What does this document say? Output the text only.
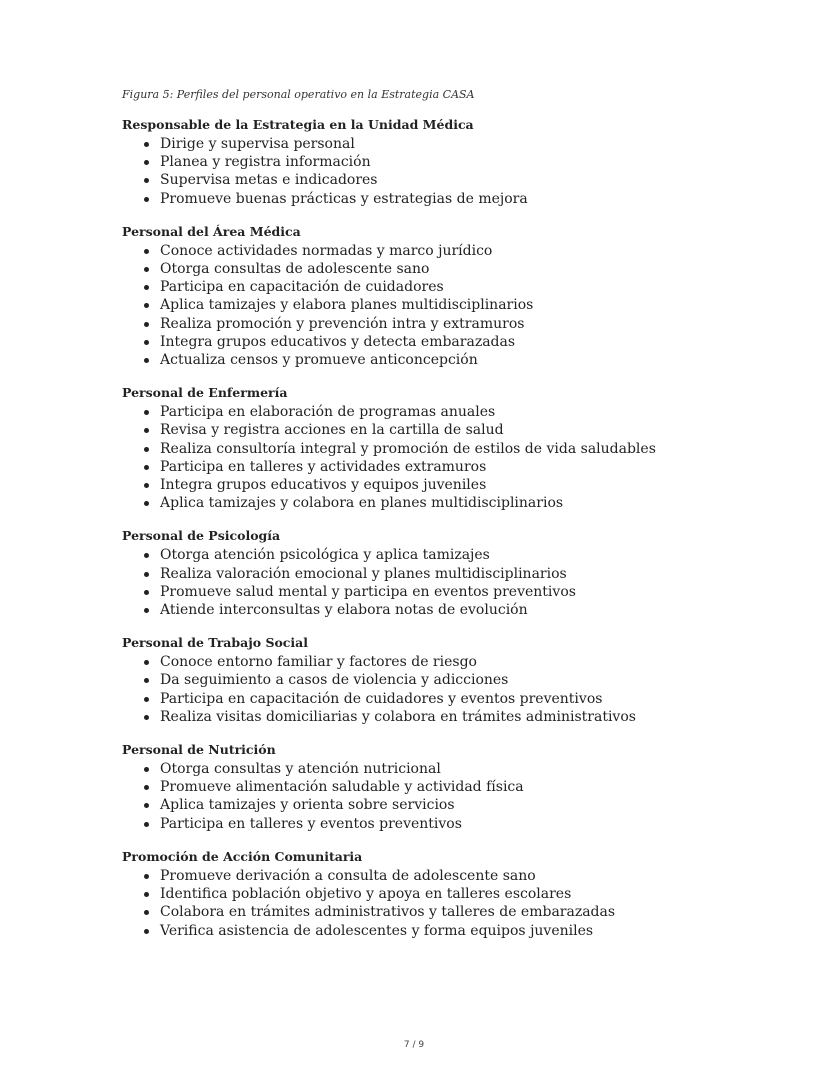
Figura 5: Perfiles del personal operativo en la Estrategia CASA

Responsable de la Estrategia en la Unidad Médica

Dirige y supervisa personal
Planea y registra información
Supervisa metas e indicadores
Promueve buenas prácticas y estrategias de mejora

Personal del Área Médica

Conoce actividades normadas y marco jurídico
Otorga consultas de adolescente sano
Participa en capacitación de cuidadores
Aplica tamizajes y elabora planes multidisciplinarios
Realiza promoción y prevención intra y extramuros
Integra grupos educativos y detecta embarazadas
Actualiza censos y promueve anticoncepción

Personal de Enfermería

Participa en elaboración de programas anuales
Revisa y registra acciones en la cartilla de salud
Realiza consultoría integral y promoción de estilos de vida saludables
Participa en talleres y actividades extramuros
Integra grupos educativos y equipos juveniles
Aplica tamizajes y colabora en planes multidisciplinarios

Personal de Psicología

Otorga atención psicológica y aplica tamizajes
Realiza valoración emocional y planes multidisciplinarios
Promueve salud mental y participa en eventos preventivos
Atiende interconsultas y elabora notas de evolución

Personal de Trabajo Social

Conoce entorno familiar y factores de riesgo
Da seguimiento a casos de violencia y adicciones
Participa en capacitación de cuidadores y eventos preventivos
Realiza visitas domiciliarias y colabora en trámites administrativos

Personal de Nutrición

Otorga consultas y atención nutricional
Promueve alimentación saludable y actividad física
Aplica tamizajes y orienta sobre servicios
Participa en talleres y eventos preventivos

Promoción de Acción Comunitaria

Promueve derivación a consulta de adolescente sano
Identifica población objetivo y apoya en talleres escolares
Colabora en trámites administrativos y talleres de embarazadas
Verifica asistencia de adolescentes y forma equipos juveniles
7 / 9
